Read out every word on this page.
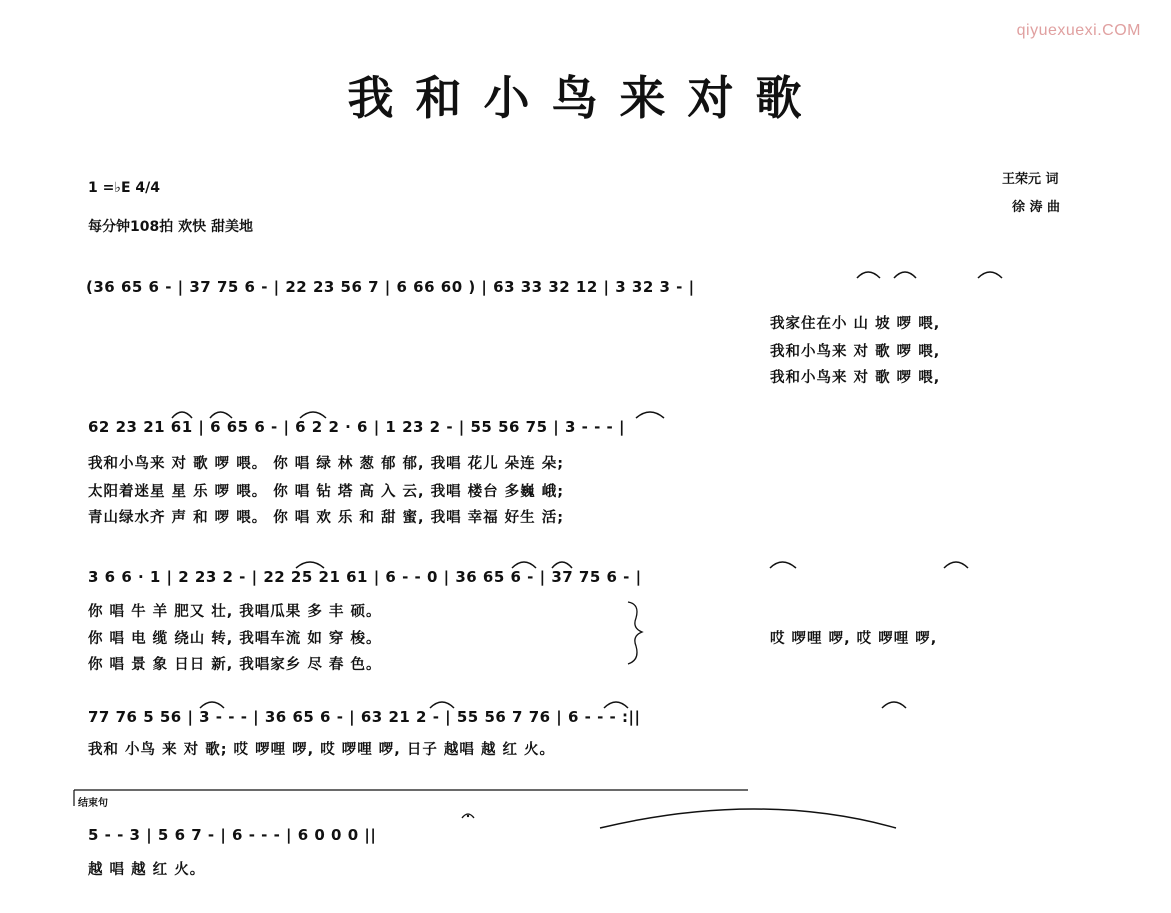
qiyuexuexi.COM
我和小鸟来对歌
1 =♭E 4/4
每分钟108拍 欢快 甜美地
王荣元 词
徐 涛 曲
(36 65 6 - | 37 75 6 - | 22 23 56 7 | 6 66 60 ) | 63 33 32 12 | 3 32 3 - |
我家住在小 山 坡 啰 喂,
我和小鸟来 对 歌 啰 喂,
我和小鸟来 对 歌 啰 喂,
62 23 21 61 | 6 65 6 - | 6 2 2 · 6 | 1 23 2 - | 55 56 75 | 3 - - - |
我和小鸟来 对 歌 啰 喂。 你 唱 绿 林 葱 郁 郁, 我唱 花儿 朵连 朵;
太阳着迷星 星 乐 啰 喂。 你 唱 钻 塔 高 入 云, 我唱 楼台 多巍 峨;
青山绿水齐 声 和 啰 喂。 你 唱 欢 乐 和 甜 蜜, 我唱 幸福 好生 活;
3 6 6 · 1 | 2 23 2 - | 22 25 21 61 | 6 - - 0 | 36 65 6 - | 37 75 6 - |
你 唱 牛 羊 肥又 壮, 我唱瓜果 多 丰 硕。
你 唱 电 缆 绕山 转, 我唱车流 如 穿 梭。
你 唱 景 象 日日 新, 我唱家乡 尽 春 色。
哎 啰哩 啰, 哎 啰哩 啰,
77 76 5 56 | 3 - - - | 36 65 6 - | 63 21 2 - | 55 56 7 76 | 6 - - - :||
我和 小鸟 来 对 歌; 哎 啰哩 啰, 哎 啰哩 啰, 日子 越唱 越 红 火。
结束句
5 - - 3 | 5 6 7 - | 6 - - - | 6 0 0 0 ||
越 唱 越 红 火。
